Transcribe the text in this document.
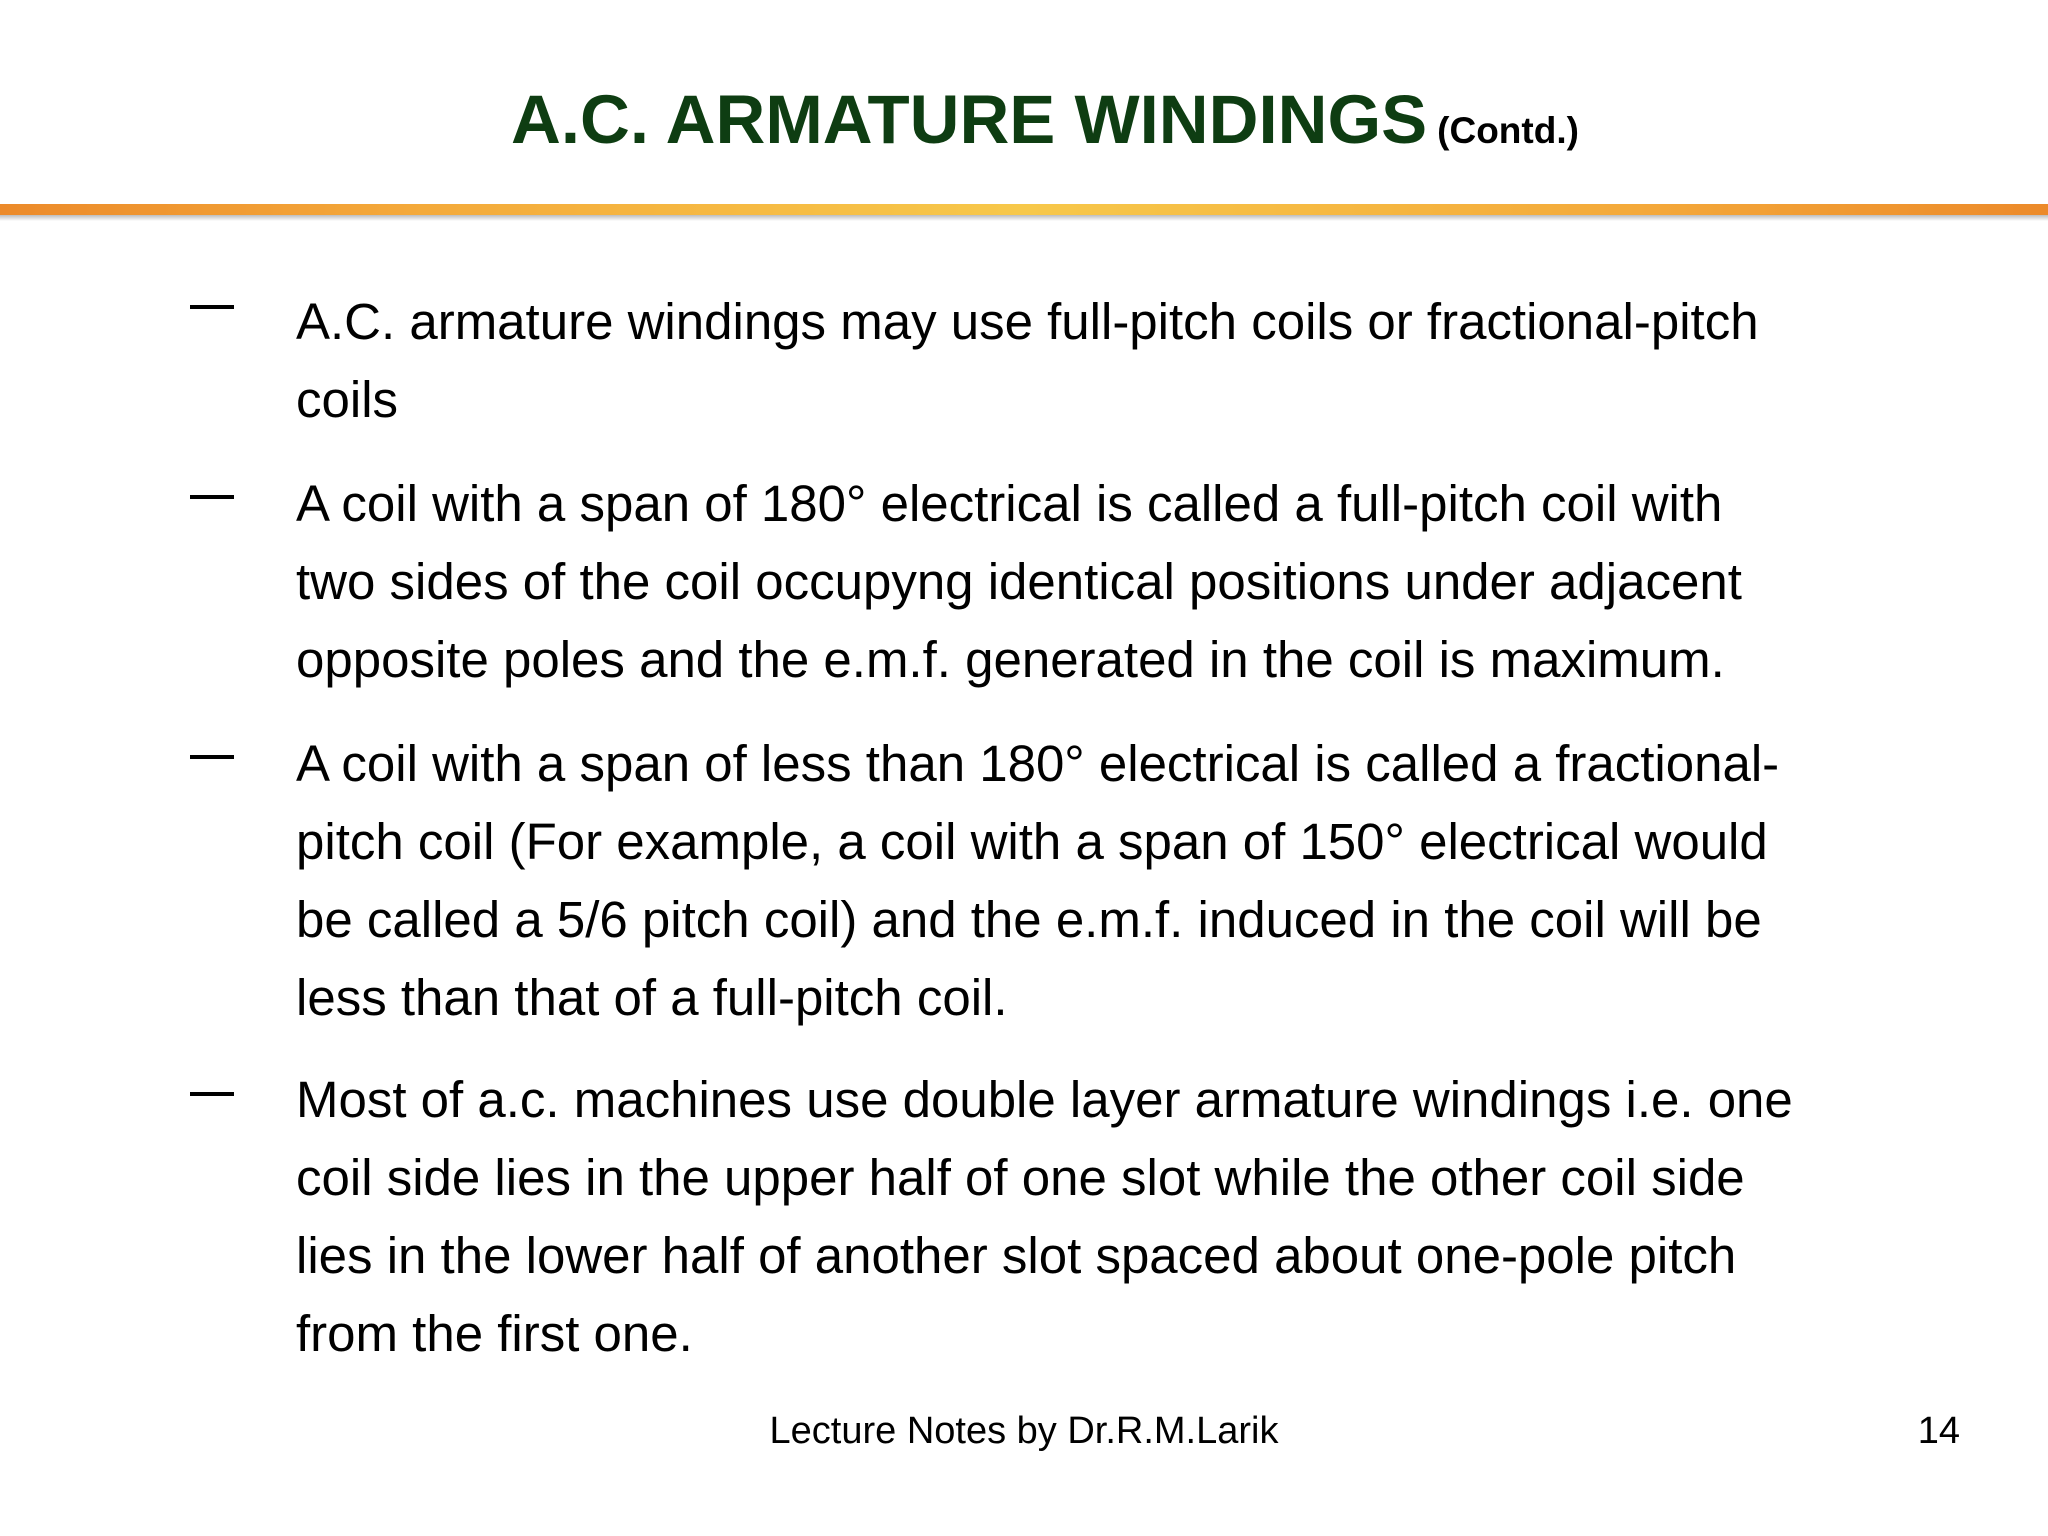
A.C. ARMATURE WINDINGS (Contd.)
A.C. armature windings may use full-pitch coils or fractional-pitch
coils
A coil with a span of 180° electrical is called a full-pitch coil with
two sides of the coil occupyng identical positions under adjacent
opposite poles and the e.m.f. generated in the coil is maximum.
A coil with a span of less than 180° electrical is called a fractional-
pitch coil (For example, a coil with a span of 150° electrical would
be called a 5/6 pitch coil) and the e.m.f. induced in the coil will be
less than that of a full-pitch coil.
Most of a.c. machines use double layer armature windings i.e. one
coil side lies in the upper half of one slot while the other coil side
lies in the lower half of another slot spaced about one-pole pitch
from the first one.
Lecture Notes by Dr.R.M.Larik	14
